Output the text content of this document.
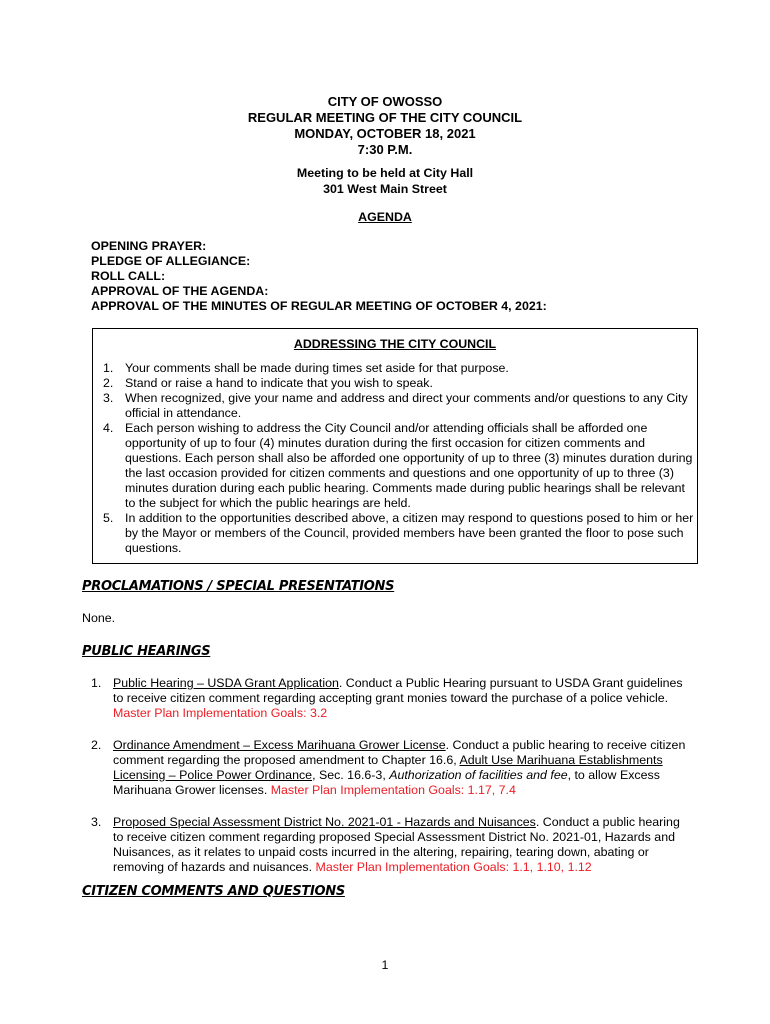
CITY OF OWOSSO
REGULAR MEETING OF THE CITY COUNCIL
MONDAY, OCTOBER 18, 2021
7:30 P.M.
Meeting to be held at City Hall
301 West Main Street
AGENDA
OPENING PRAYER:
PLEDGE OF ALLEGIANCE:
ROLL CALL:
APPROVAL OF THE AGENDA:
APPROVAL OF THE MINUTES OF REGULAR MEETING OF OCTOBER 4, 2021:
ADDRESSING THE CITY COUNCIL
1. Your comments shall be made during times set aside for that purpose.
2. Stand or raise a hand to indicate that you wish to speak.
3. When recognized, give your name and address and direct your comments and/or questions to any City official in attendance.
4. Each person wishing to address the City Council and/or attending officials shall be afforded one opportunity of up to four (4) minutes duration during the first occasion for citizen comments and questions. Each person shall also be afforded one opportunity of up to three (3) minutes duration during the last occasion provided for citizen comments and questions and one opportunity of up to three (3) minutes duration during each public hearing. Comments made during public hearings shall be relevant to the subject for which the public hearings are held.
5. In addition to the opportunities described above, a citizen may respond to questions posed to him or her by the Mayor or members of the Council, provided members have been granted the floor to pose such questions.
PROCLAMATIONS / SPECIAL PRESENTATIONS
None.
PUBLIC HEARINGS
1. Public Hearing – USDA Grant Application. Conduct a Public Hearing pursuant to USDA Grant guidelines to receive citizen comment regarding accepting grant monies toward the purchase of a police vehicle. Master Plan Implementation Goals: 3.2
2. Ordinance Amendment – Excess Marihuana Grower License. Conduct a public hearing to receive citizen comment regarding the proposed amendment to Chapter 16.6, Adult Use Marihuana Establishments Licensing – Police Power Ordinance, Sec. 16.6-3, Authorization of facilities and fee, to allow Excess Marihuana Grower licenses. Master Plan Implementation Goals: 1.17, 7.4
3. Proposed Special Assessment District No. 2021-01 - Hazards and Nuisances. Conduct a public hearing to receive citizen comment regarding proposed Special Assessment District No. 2021-01, Hazards and Nuisances, as it relates to unpaid costs incurred in the altering, repairing, tearing down, abating or removing of hazards and nuisances. Master Plan Implementation Goals: 1.1, 1.10, 1.12
CITIZEN COMMENTS AND QUESTIONS
1
